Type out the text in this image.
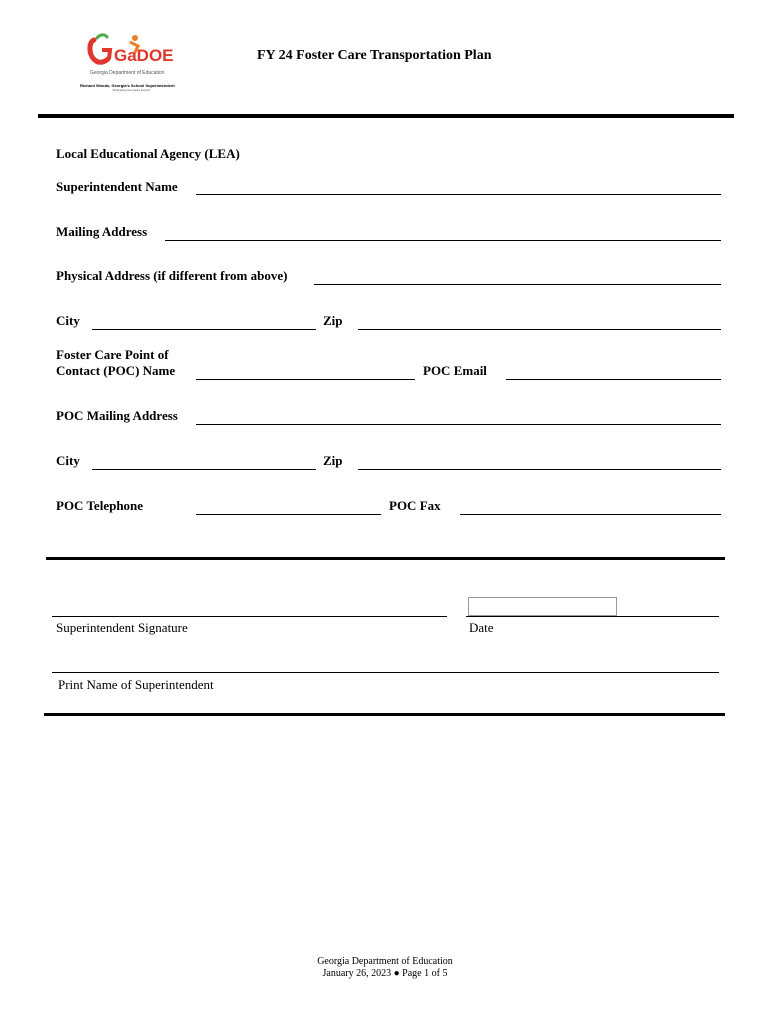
GaDOE
Georgia Department of Education
Richard Woods, Georgia's School Superintendent
"Educating Georgia's Future"
FY 24 Foster Care Transportation Plan
Local Educational Agency (LEA)
Superintendent Name
Mailing Address
Physical Address (if different from above)
City	Zip
Foster Care Point of
Contact (POC) Name	POC Email
POC Mailing Address
City	Zip
POC Telephone	POC Fax
Superintendent Signature	Date
Print Name of Superintendent
Georgia Department of Education
January 26, 2023 ● Page 1 of 5
